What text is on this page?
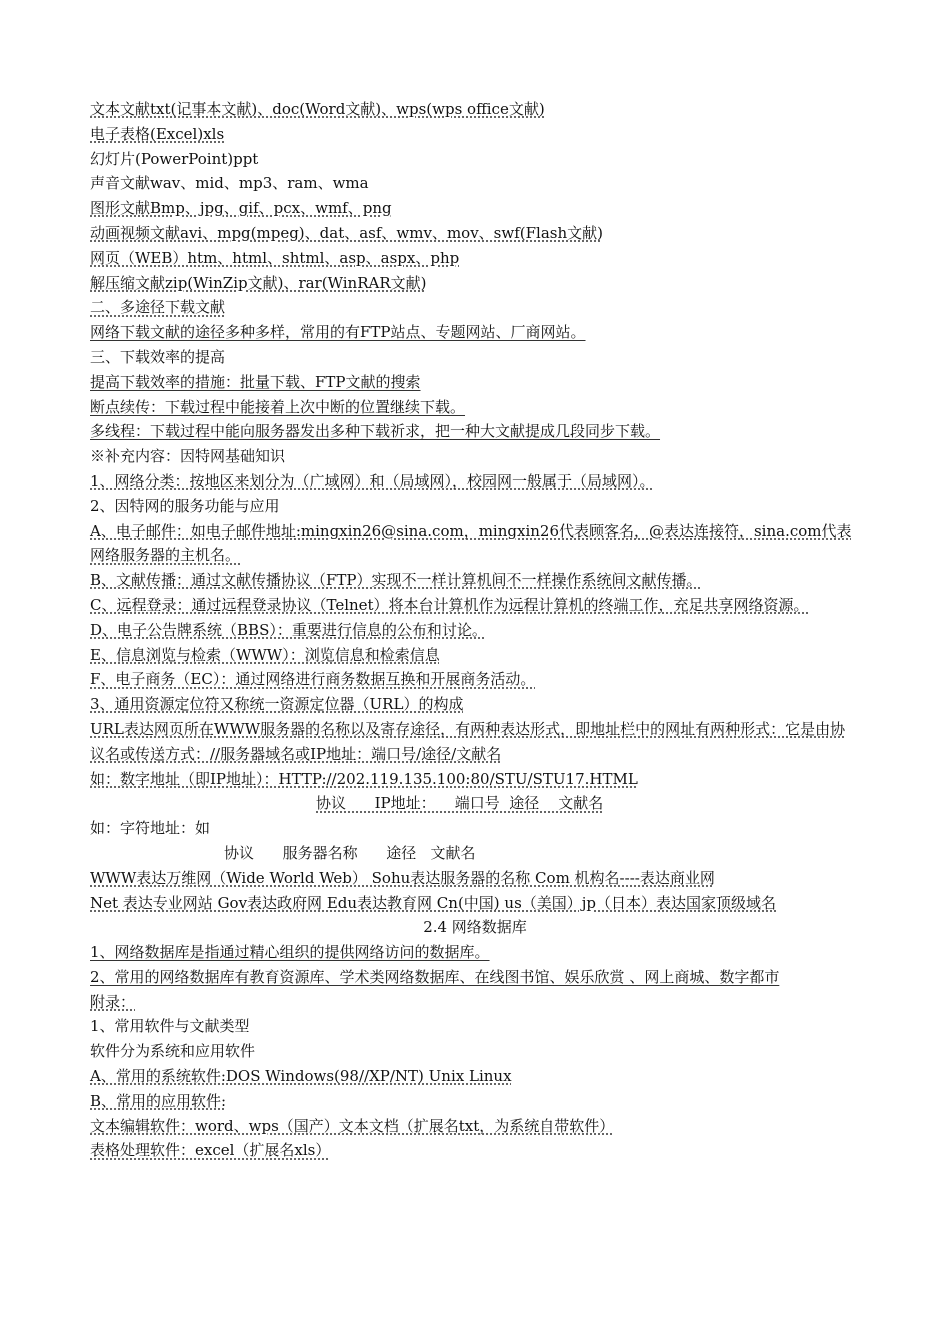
文本文献txt(记事本文献)、doc(Word文献)、wps(wps office文献)
电子表格(Excel)xls
幻灯片(PowerPoint)ppt
声音文献wav、mid、mp3、ram、wma
图形文献Bmp、jpg、gif、pcx、wmf、png
动画视频文献avi、mpg(mpeg)、dat、asf、wmv、mov、swf(Flash文献)
网页（WEB）htm、html、shtml、asp、aspx、php
解压缩文献zip(WinZip文献)、rar(WinRAR文献)
二、多途径下载文献
网络下载文献的途径多种多样，常用的有FTP站点、专题网站、厂商网站。
三、下载效率的提高
提高下载效率的措施：批量下载、FTP文献的搜索
断点续传：下载过程中能接着上次中断的位置继续下载。
多线程：下载过程中能向服务器发出多种下载祈求，把一种大文献提成几段同步下载。
※补充内容：因特网基础知识
1、网络分类：按地区来划分为（广域网）和（局域网），校园网一般属于（局域网）。
2、因特网的服务功能与应用
A、电子邮件：如电子邮件地址:mingxin26@sina.com，mingxin26代表顾客名，@表达连接符，sina.com代表网络服务器的主机名。
B、文献传播：通过文献传播协议（FTP）实现不一样计算机间不一样操作系统间文献传播。
C、远程登录：通过远程登录协议（Telnet）将本台计算机作为远程计算机的终端工作，充足共享网络资源。
D、电子公告牌系统（BBS）：重要进行信息的公布和讨论。
E、信息浏览与检索（WWW）：浏览信息和检索信息
F、电子商务（EC）：通过网络进行商务数据互换和开展商务活动。
3、通用资源定位符又称统一资源定位器（URL）的构成
URL表达网页所在WWW服务器的名称以及寄存途径，有两种表达形式，即地址栏中的网址有两种形式：它是由协议名或传送方式：//服务器域名或IP地址：端口号/途径/文献名
如：数字地址（即IP地址）：HTTP://202.119.135.100:80/STU/STU17.HTML
协议      IP地址：    端口号  途径    文献名
如：字符地址：如
协议      服务器名称      途径   文献名
WWW表达万维网（Wide World Web） Sohu表达服务器的名称 Com 机构名----表达商业网
Net 表达专业网站 Gov表达政府网 Edu表达教育网 Cn(中国) us（美国）jp（日本）表达国家顶级域名
2.4 网络数据库
1、网络数据库是指通过精心组织的提供网络访问的数据库。
2、常用的网络数据库有教育资源库、学术类网络数据库、在线图书馆、娱乐欣赏 、网上商城、数字都市
附录：
1、常用软件与文献类型
软件分为系统和应用软件
A、常用的系统软件:DOS Windows(98//XP/NT) Unix Linux
B、常用的应用软件:
文本编辑软件：word、wps（国产）文本文档（扩展名txt，为系统自带软件）
表格处理软件：excel（扩展名xls）
